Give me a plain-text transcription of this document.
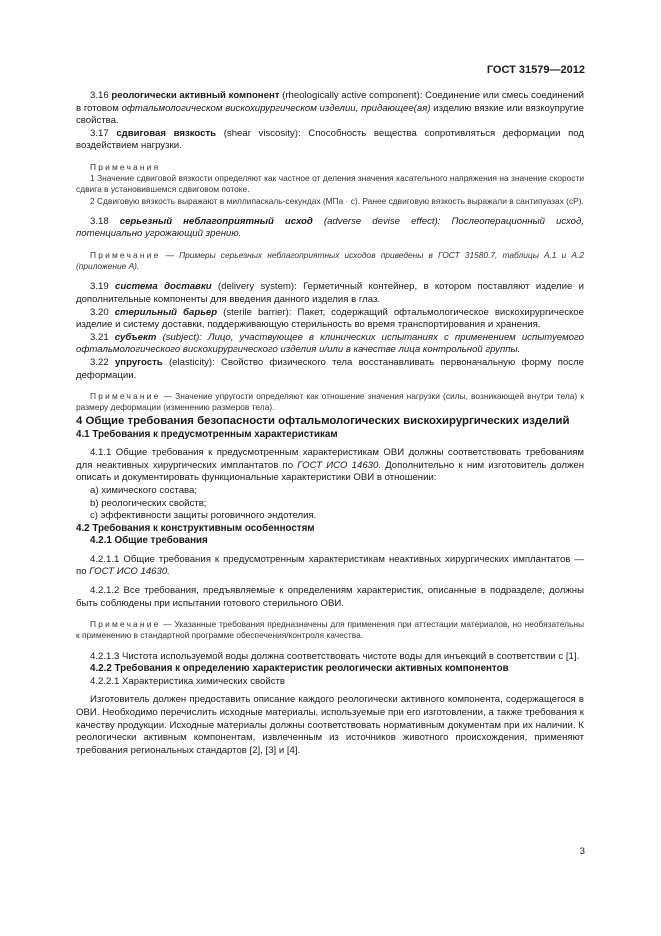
ГОСТ 31579—2012

3.16 реологически активный компонент (rheologically active component): Соединение или смесь соединений в готовом офтальмологическом вискохирургическом изделии, придающее(ая) изделию вязкие или вязкоупругие свойства.

3.17 сдвиговая вязкость (shear viscosity): Способность вещества сопротивляться деформации под воздействием нагрузки.

Примечания

1 Значение сдвиговой вязкости определяют как частное от деления значения касательного напряжения на значение скорости сдвига в установившемся сдвиговом потоке.

2 Сдвиговую вязкость выражают в миллипаскаль-секундах (МПа · с). Ранее сдвиговую вязкость выражали в сантипуазах (сР).

3.18 серьезный неблагоприятный исход (adverse devise effect): Послеоперационный исход, потенциально угрожающий зрению.

Примечание — Примеры серьезных неблагоприятных исходов приведены в ГОСТ 31580.7, таблицы А.1 и А.2 (приложение А).

3.19 система доставки (delivery system): Герметичный контейнер, в котором поставляют изделие и дополнительные компоненты для введения данного изделия в глаз.

3.20 стерильный барьер (sterile barrier): Пакет, содержащий офтальмологическое вискохирургическое изделие и систему доставки, поддерживающую стерильность во время транспортирования и хранения.

3.21 субъект (subject): Лицо, участвующее в клинических испытаниях с применением испытуемого офтальмологического вискохирургического изделия и/или в качестве лица контрольной группы.

3.22 упругость (elasticity): Свойство физического тела восстанавливать первоначальную форму после деформации.

Примечание — Значение упругости определяют как отношение значения нагрузки (силы, возникающей внутри тела) к размеру деформации (изменению размеров тела).

4 Общие требования безопасности офтальмологических вискохирургических изделий

4.1 Требования к предусмотренным характеристикам

4.1.1 Общие требования к предусмотренным характеристикам ОВИ должны соответствовать требованиям для неактивных хирургических имплантатов по ГОСТ ИСО 14630. Дополнительно к ним изготовитель должен описать и документировать функциональные характеристики ОВИ в отношении:

a) химического состава;

b) реологических свойств;

c) эффективности защиты роговичного эндотелия.

4.2 Требования к конструктивным особенностям

4.2.1 Общие требования

4.2.1.1 Общие требования к предусмотренным характеристикам неактивных хирургических имплантатов — по ГОСТ ИСО 14630.

4.2.1.2 Все требования, предъявляемые к определениям характеристик, описанные в подразделе, должны быть соблюдены при испытании готового стерильного ОВИ.

Примечание — Указанные требования предназначены для применения при аттестации материалов, но необязательны к применению в стандартной программе обеспечения/контроля качества.

4.2.1.3 Чистота используемой воды должна соответствовать чистоте воды для инъекций в соответствии с [1].

4.2.2 Требования к определению характеристик реологически активных компонентов

4.2.2.1 Характеристика химических свойств

Изготовитель должен предоставить описание каждого реологически активного компонента, содержащегося в ОВИ. Необходимо перечислить исходные материалы, используемые при его изготовлении, а также требования к качеству продукции. Исходные материалы должны соответствовать нормативным документам при их наличии. К реологически активным компонентам, извлеченным из источников животного происхождения, применяют требования региональных стандартов [2], [3] и [4].

3
